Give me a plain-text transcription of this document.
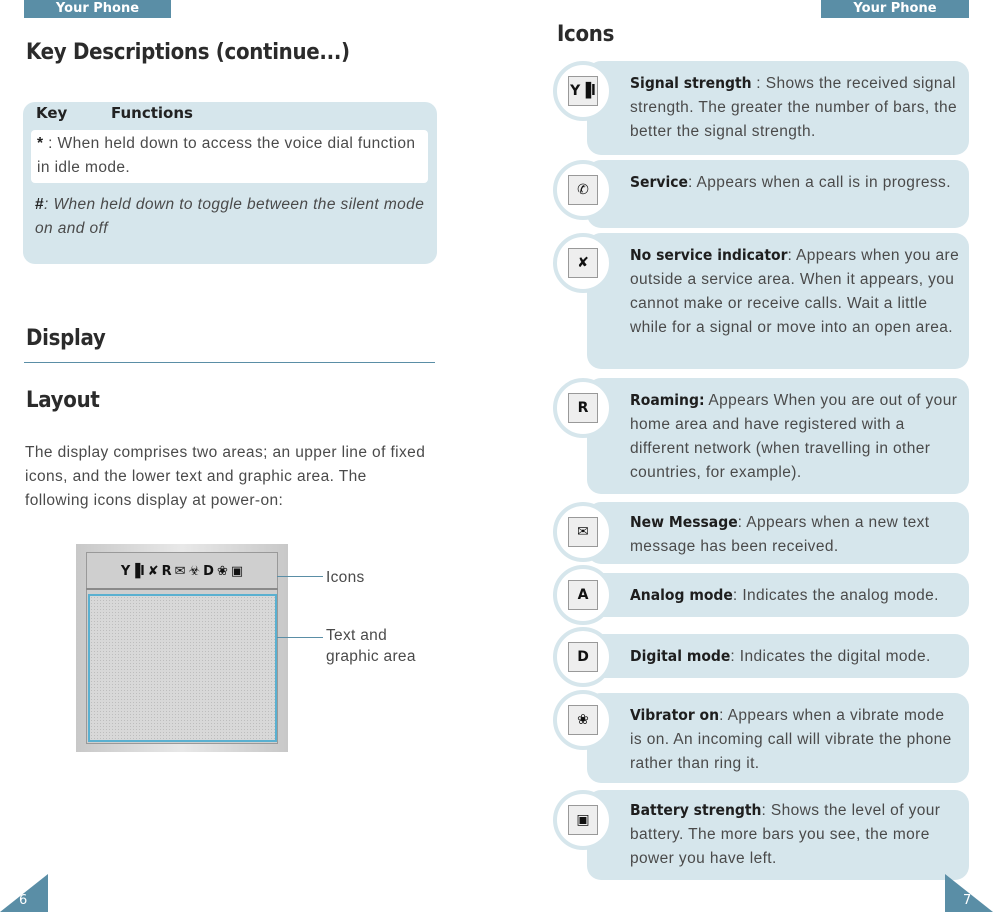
Your Phone	Your Phone
Key Descriptions (continue...)
Key	Functions
* : When held down to access the voice dial function in idle mode.
#: When held down to toggle between the silent mode on and off
Display
Layout
The display comprises two areas; an upper line of fixed icons, and the lower text and graphic area. The following icons display at power-on:
Y▐l ✘ R ✉ ☣ D ❀ ▣	Icons
Text and graphic area
Icons
Signal strength : Shows the received signal strength. The greater the number of bars, the better the signal strength.
Y▐l
Service: Appears when a call is in progress.
✆
No service indicator: Appears when you are outside a service area. When it appears, you cannot make or receive calls. Wait a little while for a signal or move into an open area.
✘
Roaming: Appears When you are out of your home area and have registered with a different network (when travelling in other countries, for example).
R
New Message: Appears when a new text message has been received.
✉
Analog mode: Indicates the analog mode.
A
Digital mode: Indicates the digital mode.
D
Vibrator on: Appears when a vibrate mode is on. An incoming call will vibrate the phone rather than ring it.
❀
Battery strength: Shows the level of your battery. The more bars you see, the more power you have left.
▣
6	7
